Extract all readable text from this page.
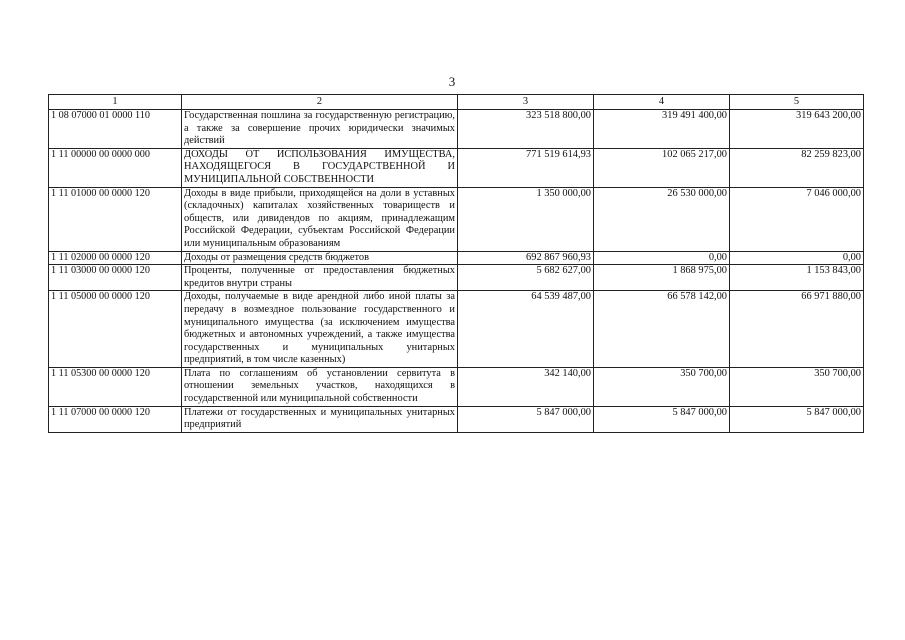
3
1	2	3	4	5
1 08 07000 01 0000 110	Государственная пошлина за государственную регистрацию, а также за совершение прочих юридически значимых действий	323 518 800,00	319 491 400,00	319 643 200,00
1 11 00000 00 0000 000	ДОХОДЫ ОТ ИСПОЛЬЗОВАНИЯ ИМУЩЕСТВА, НАХОДЯЩЕГОСЯ В ГОСУДАРСТВЕННОЙ И МУНИЦИПАЛЬНОЙ СОБСТВЕННОСТИ	771 519 614,93	102 065 217,00	82 259 823,00
1 11 01000 00 0000 120	Доходы в виде прибыли, приходящейся на доли в уставных (складочных) капиталах хозяйственных товариществ и обществ, или дивидендов по акциям, принадлежащим Российской Федерации, субъектам Российской Федерации или муниципальным образованиям	1 350 000,00	26 530 000,00	7 046 000,00
1 11 02000 00 0000 120	Доходы от размещения средств бюджетов	692 867 960,93	0,00	0,00
1 11 03000 00 0000 120	Проценты, полученные от предоставления бюджетных кредитов внутри страны	5 682 627,00	1 868 975,00	1 153 843,00
1 11 05000 00 0000 120	Доходы, получаемые в виде арендной либо иной платы за передачу в возмездное пользование государственного и муниципального имущества (за исключением имущества бюджетных и автономных учреждений, а также имущества государственных и муниципальных унитарных предприятий, в том числе казенных)	64 539 487,00	66 578 142,00	66 971 880,00
1 11 05300 00 0000 120	Плата по соглашениям об установлении сервитута в отношении земельных участков, находящихся в государственной или муниципальной собственности	342 140,00	350 700,00	350 700,00
1 11 07000 00 0000 120	Платежи от государственных и муниципальных унитарных предприятий	5 847 000,00	5 847 000,00	5 847 000,00
